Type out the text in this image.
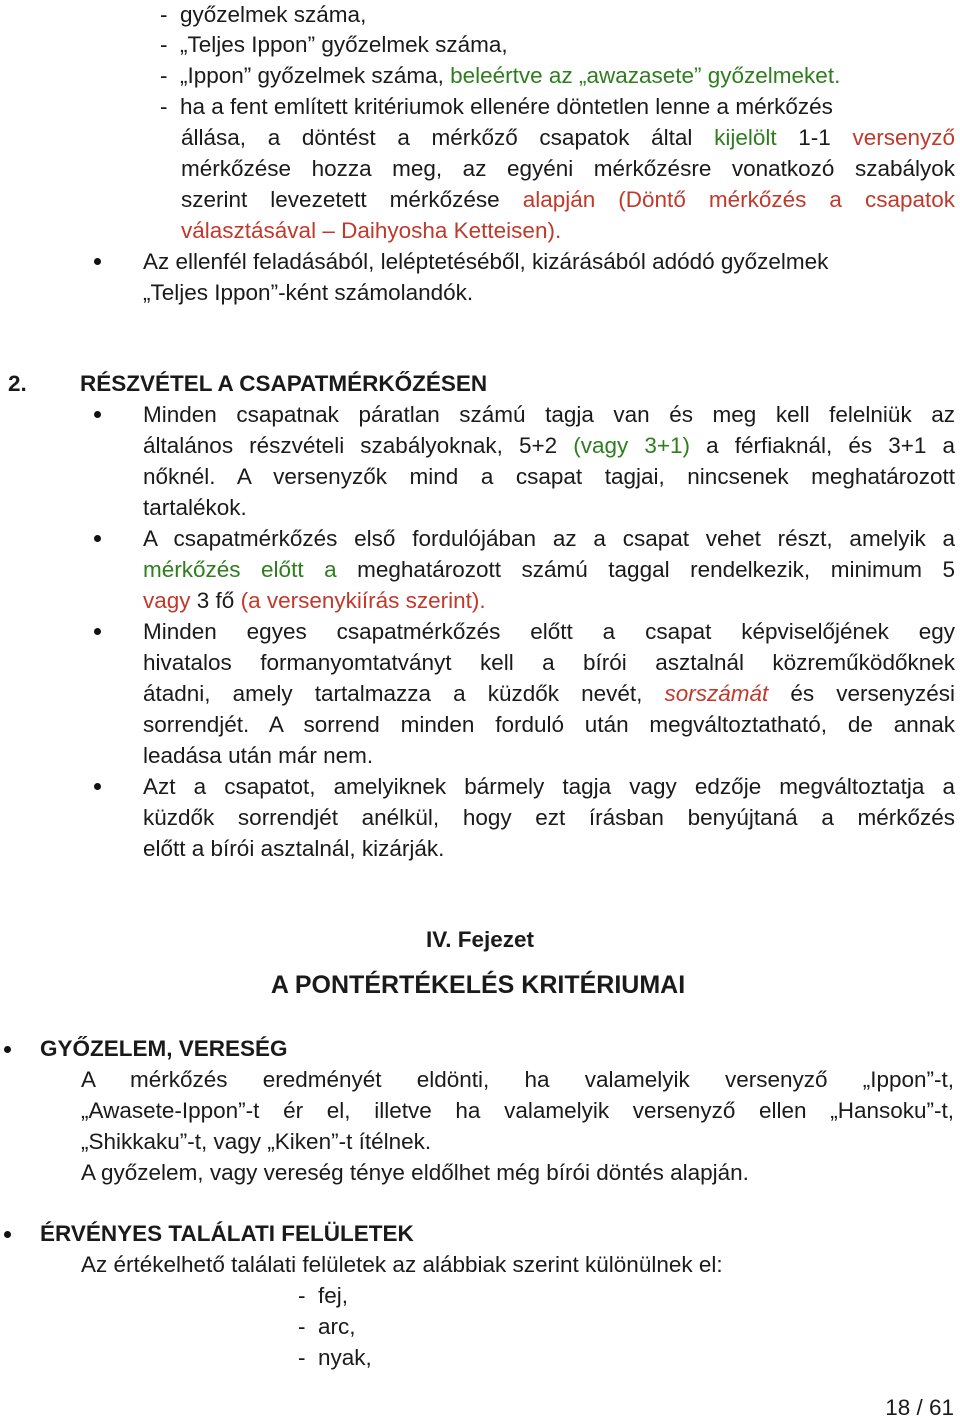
-  győzelmek száma,
-  „Teljes Ippon” győzelmek száma,
-  „Ippon” győzelmek száma, beleértve az „awazasete” győzelmeket.
-  ha a fent említett kritériumok ellenére döntetlen lenne a mérkőzés
állása, a döntést a mérkőző csapatok által kijelölt 1-1 versenyző
mérkőzése hozza meg, az egyéni mérkőzésre vonatkozó szabályok
szerint levezetett mérkőzése alapján (Döntő mérkőzés a csapatok
választásával – Daihyosha Ketteisen).
Az ellenfél feladásából, leléptetéséből, kizárásából adódó győzelmek
„Teljes Ippon”-ként számolandók.
2. RÉSZVÉTEL A CSAPATMÉRKŐZÉSEN
Minden csapatnak páratlan számú tagja van és meg kell felelniük az
általános részvételi szabályoknak, 5+2 (vagy 3+1) a férfiaknál, és 3+1 a
nőknél. A versenyzők mind a csapat tagjai, nincsenek meghatározott
tartalékok.
A csapatmérkőzés első fordulójában az a csapat vehet részt, amelyik a
mérkőzés előtt a meghatározott számú taggal rendelkezik, minimum 5
vagy 3 fő (a versenykiírás szerint).
Minden egyes csapatmérkőzés előtt a csapat képviselőjének egy
hivatalos formanyomtatványt kell a bírói asztalnál közreműködőknek
átadni, amely tartalmazza a küzdők nevét, sorszámát és versenyzési
sorrendjét. A sorrend minden forduló után megváltoztatható, de annak
leadása után már nem.
Azt a csapatot, amelyiknek bármely tagja vagy edzője megváltoztatja a
küzdők sorrendjét anélkül, hogy ezt írásban benyújtaná a mérkőzés
előtt a bírói asztalnál, kizárják.
IV. Fejezet
A PONTÉRTÉKELÉS KRITÉRIUMAI
GYŐZELEM, VERESÉG
A mérkőzés eredményét eldönti, ha valamelyik versenyző „Ippon”-t,
„Awasete-Ippon”-t ér el, illetve ha valamelyik versenyző ellen „Hansoku”-t,
„Shikkaku”-t, vagy „Kiken”-t ítélnek.
A győzelem, vagy vereség ténye eldőlhet még bírói döntés alapján.
ÉRVÉNYES TALÁLATI FELÜLETEK
Az értékelhető találati felületek az alábbiak szerint különülnek el:
-  fej,
-  arc,
-  nyak,
18 / 61
